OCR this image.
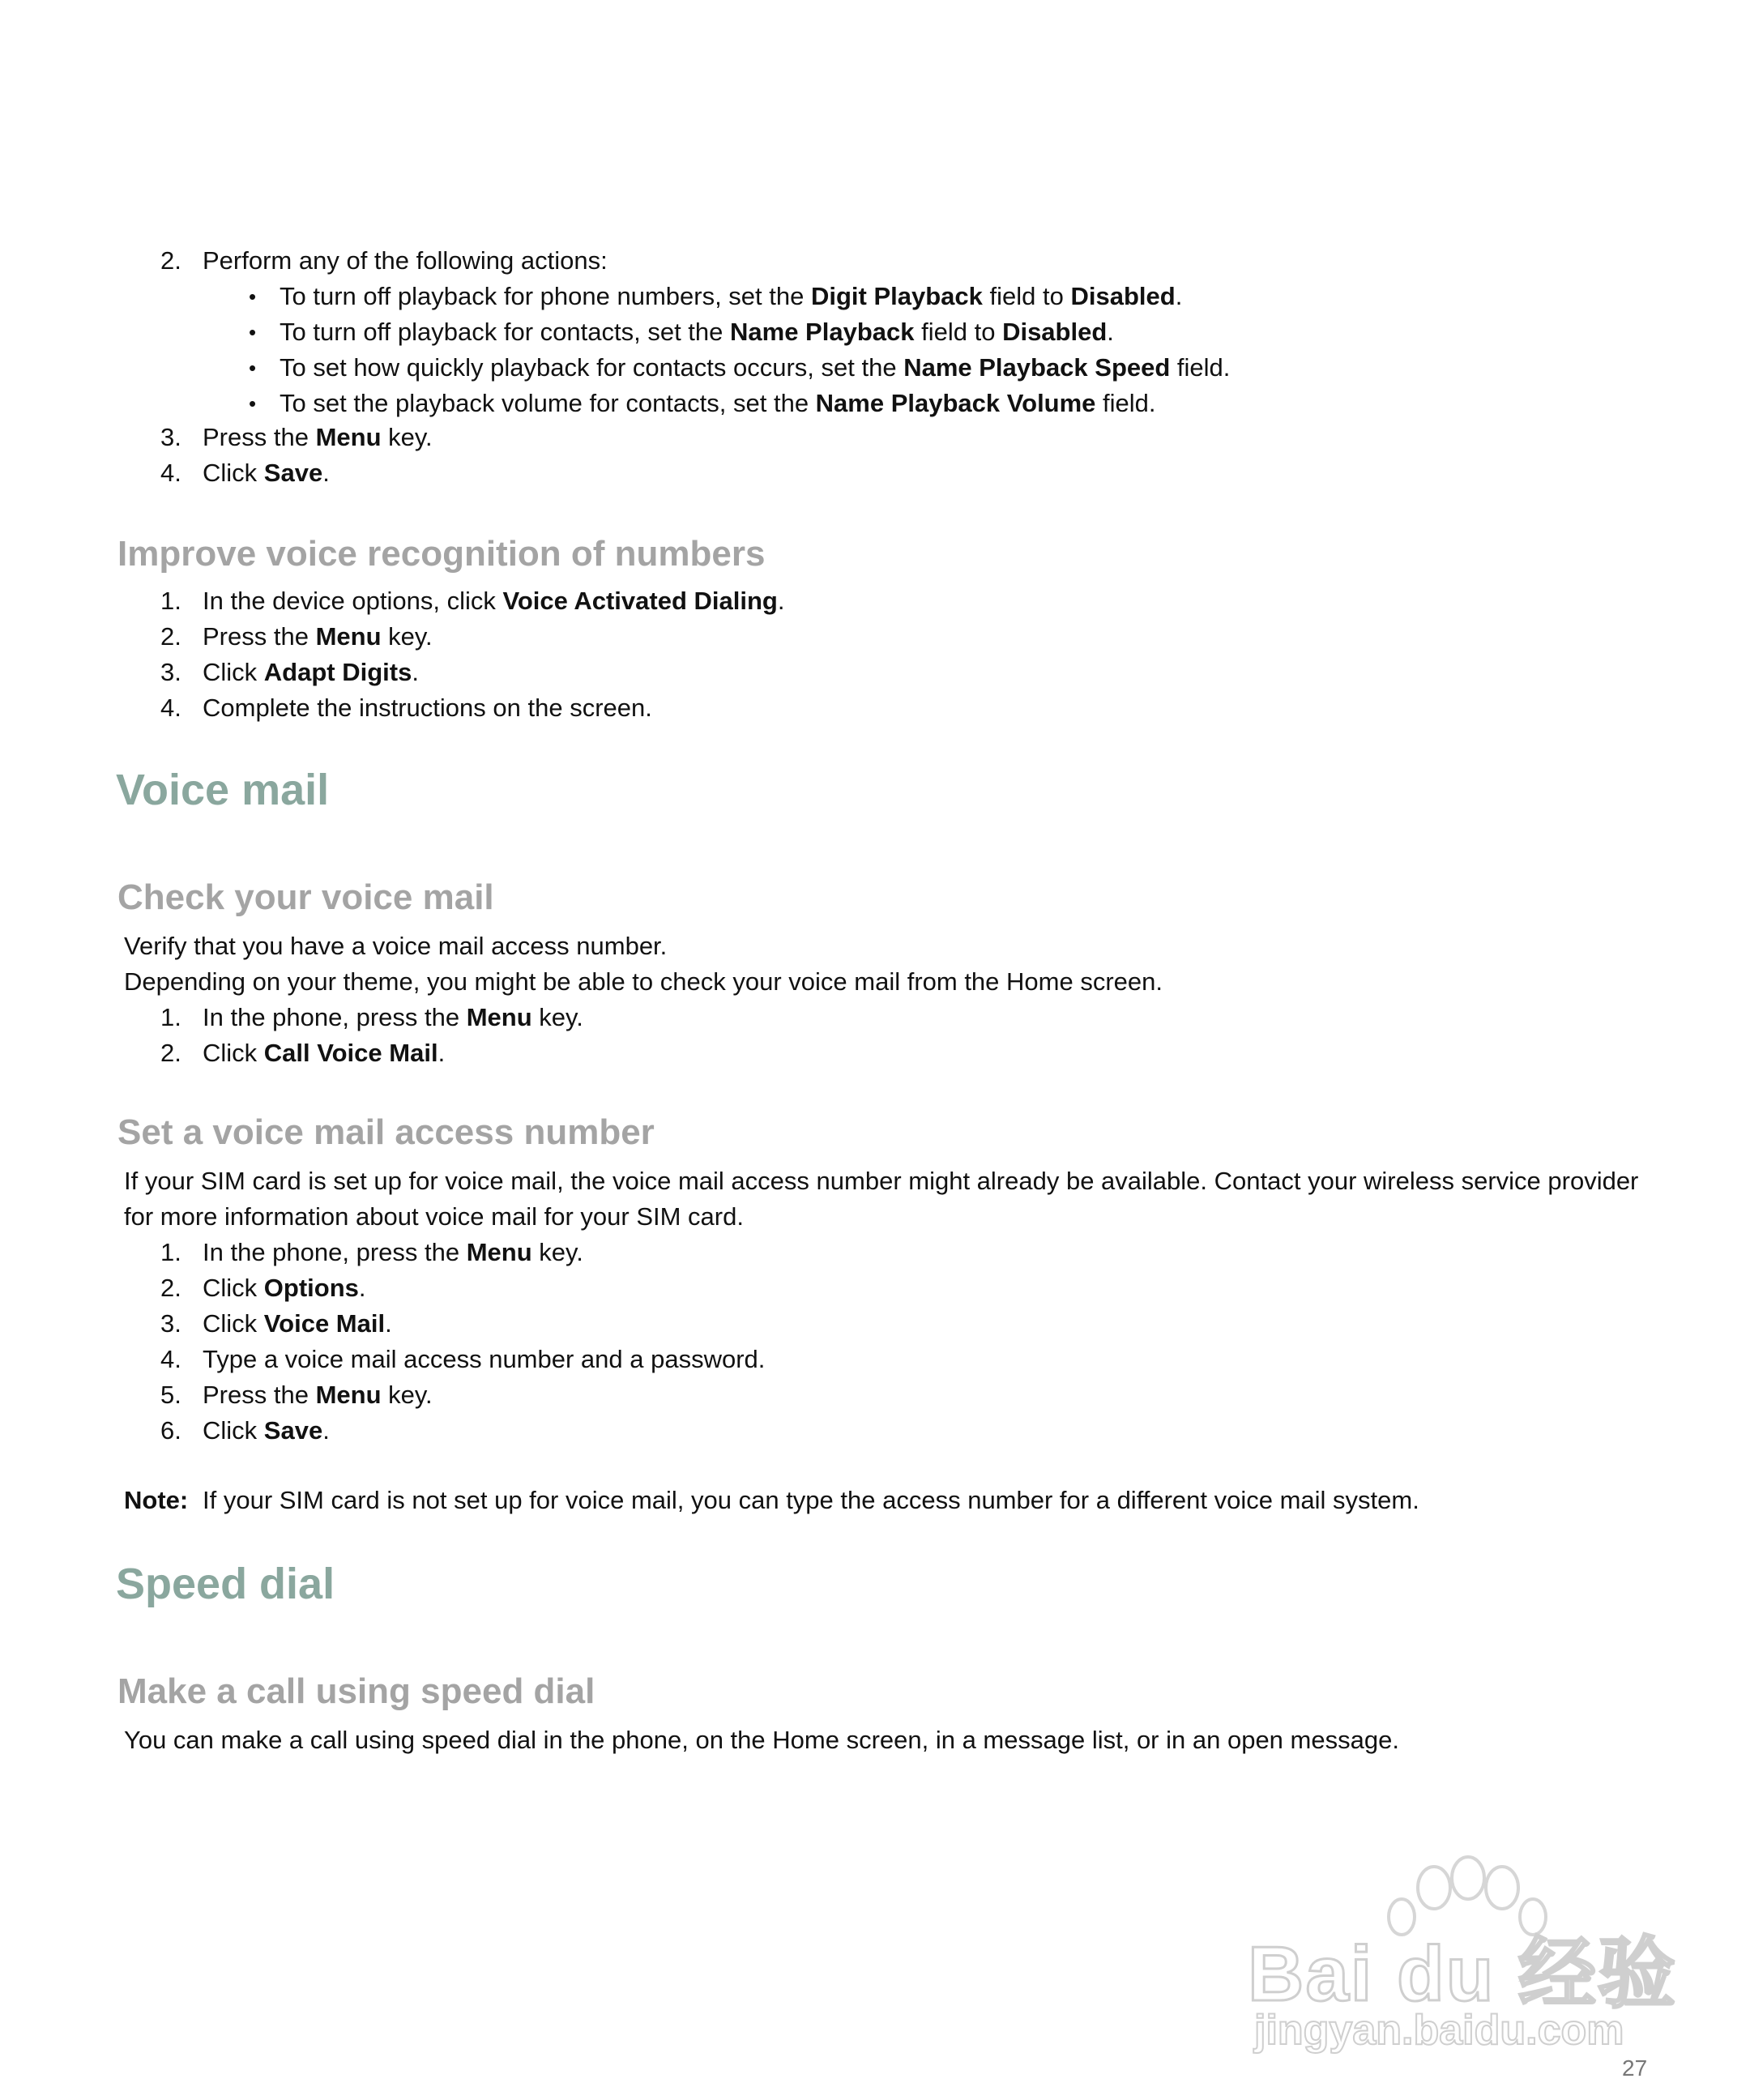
2. Perform any of the following actions:
• To turn off playback for phone numbers, set the Digit Playback field to Disabled.
• To turn off playback for contacts, set the Name Playback field to Disabled.
• To set how quickly playback for contacts occurs, set the Name Playback Speed field.
• To set the playback volume for contacts, set the Name Playback Volume field.
3. Press the Menu key.
4. Click Save.
Improve voice recognition of numbers
1. In the device options, click Voice Activated Dialing.
2. Press the Menu key.
3. Click Adapt Digits.
4. Complete the instructions on the screen.
Voice mail
Check your voice mail
Verify that you have a voice mail access number.
Depending on your theme, you might be able to check your voice mail from the Home screen.
1. In the phone, press the Menu key.
2. Click Call Voice Mail.
Set a voice mail access number
If your SIM card is set up for voice mail, the voice mail access number might already be available. Contact your wireless service provider
for more information about voice mail for your SIM card.
1. In the phone, press the Menu key.
2. Click Options.
3. Click Voice Mail.
4. Type a voice mail access number and a password.
5. Press the Menu key.
6. Click Save.
Note: If your SIM card is not set up for voice mail, you can type the access number for a different voice mail system.
Speed dial
Make a call using speed dial
You can make a call using speed dial in the phone, on the Home screen, in a message list, or in an open message.
Bai du 经验
jingyan.baidu.com
27
